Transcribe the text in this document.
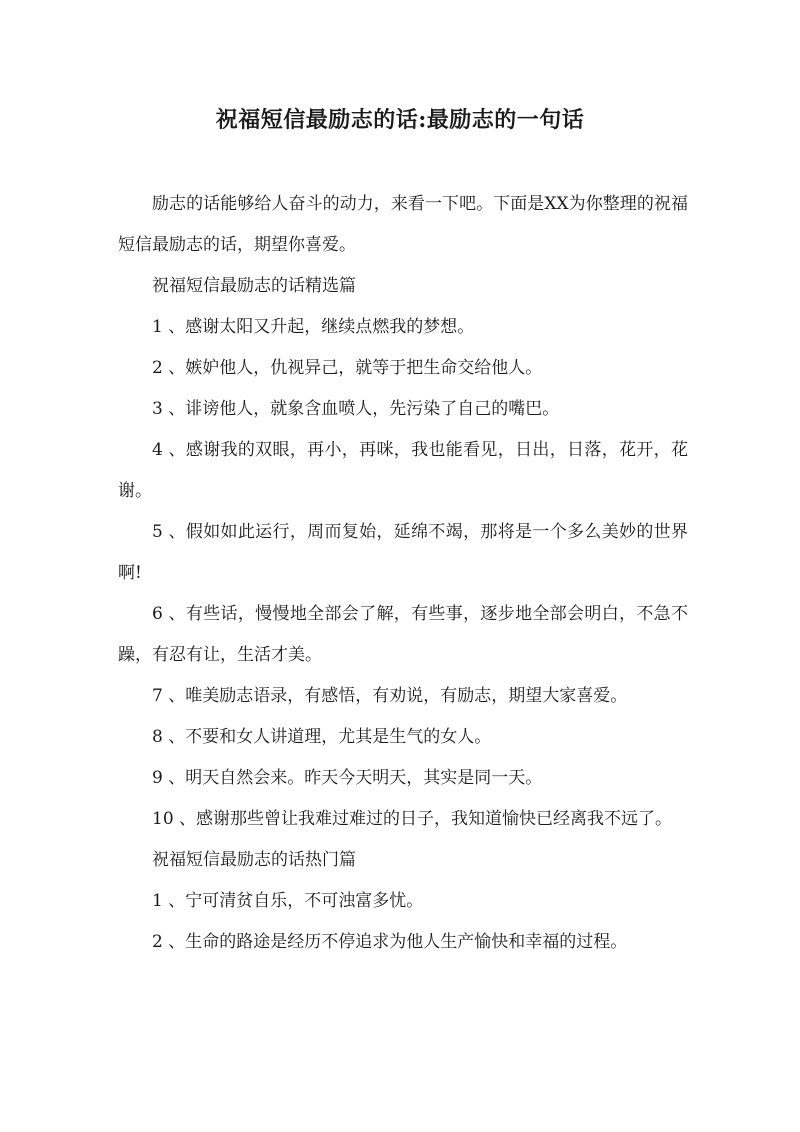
祝福短信最励志的话:最励志的一句话

励志的话能够给人奋斗的动力，来看一下吧。下面是XX为你整理的祝福短信最励志的话，期望你喜爱。

祝福短信最励志的话精选篇

1 、感谢太阳又升起，继续点燃我的梦想。

2 、嫉妒他人，仇视异己，就等于把生命交给他人。

3 、诽谤他人，就象含血喷人，先污染了自己的嘴巴。

4 、感谢我的双眼，再小，再咪，我也能看见，日出，日落，花开，花谢。

5 、假如如此运行，周而复始，延绵不竭，那将是一个多么美妙的世界啊!

6 、有些话，慢慢地全部会了解，有些事，逐步地全部会明白，不急不躁，有忍有让，生活才美。

7 、唯美励志语录，有感悟，有劝说，有励志，期望大家喜爱。

8 、不要和女人讲道理，尤其是生气的女人。

9 、明天自然会来。昨天今天明天，其实是同一天。

10 、感谢那些曾让我难过难过的日子，我知道愉快已经离我不远了。

祝福短信最励志的话热门篇

1 、宁可清贫自乐，不可浊富多忧。

2 、生命的路途是经历不停追求为他人生产愉快和幸福的过程。
